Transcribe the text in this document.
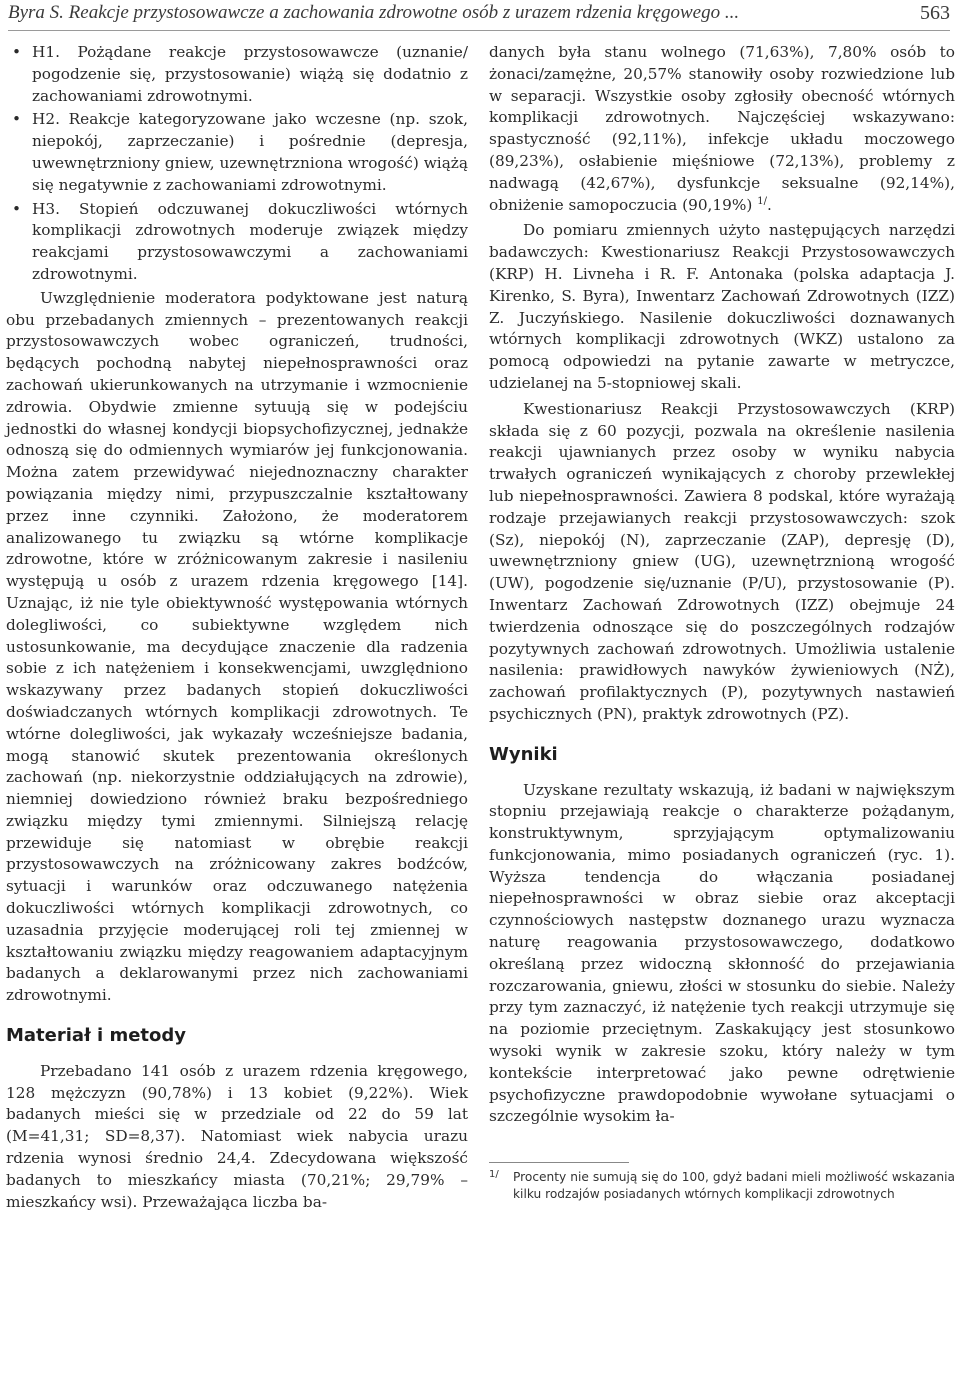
Byra S. Reakcje przystosowawcze a zachowania zdrowotne osób z urazem rdzenia kręgowego ...	563
• H1. Pożądane reakcje przystosowawcze (uznanie/ pogodzenie się, przystosowanie) wiążą się dodatnio z zachowaniami zdrowotnymi.
• H2. Reakcje kategoryzowane jako wczesne (np. szok, niepokój, zaprzeczanie) i pośrednie (depresja, uwewnętrzniony gniew, uzewnętrzniona wrogość) wiążą się negatywnie z zachowaniami zdrowotnymi.
• H3. Stopień odczuwanej dokuczliwości wtórnych komplikacji zdrowotnych moderuje związek między reakcjami przystosowawczymi a zachowaniami zdrowotnymi.

Uwzględnienie moderatora podyktowane jest naturą obu przebadanych zmiennych – prezentowanych reakcji przystosowawczych wobec ograniczeń, trudności, będących pochodną nabytej niepełnosprawności oraz zachowań ukierunkowanych na utrzymanie i wzmocnienie zdrowia. Obydwie zmienne sytuują się w podejściu jednostki do własnej kondycji biopsychofizycznej, jednakże odnoszą się do odmiennych wymiarów jej funkcjonowania. Można zatem przewidywać niejednoznaczny charakter powiązania między nimi, przypuszczalnie kształtowany przez inne czynniki. Założono, że moderatorem analizowanego tu związku są wtórne komplikacje zdrowotne, które w zróżnicowanym zakresie i nasileniu występują u osób z urazem rdzenia kręgowego [14]. Uznając, iż nie tyle obiektywność występowania wtórnych dolegliwości, co subiektywne względem nich ustosunkowanie, ma decydujące znaczenie dla radzenia sobie z ich natężeniem i konsekwencjami, uwzględniono wskazywany przez badanych stopień dokuczliwości doświadczanych wtórnych komplikacji zdrowotnych. Te wtórne dolegliwości, jak wykazały wcześniejsze badania, mogą stanowić skutek prezentowania określonych zachowań (np. niekorzystnie oddziałujących na zdrowie), niemniej dowiedziono również braku bezpośredniego związku między tymi zmiennymi. Silniejszą relację przewiduje się natomiast w obrębie reakcji przystosowawczych na zróżnicowany zakres bodźców, sytuacji i warunków oraz odczuwanego natężenia dokuczliwości wtórnych komplikacji zdrowotnych, co uzasadnia przyjęcie moderującej roli tej zmiennej w kształtowaniu związku między reagowaniem adaptacyjnym badanych a deklarowanymi przez nich zachowaniami zdrowotnymi.

Materiał i metody

Przebadano 141 osób z urazem rdzenia kręgowego, 128 mężczyzn (90,78%) i 13 kobiet (9,22%). Wiek badanych mieści się w przedziale od 22 do 59 lat (M=41,31; SD=8,37). Natomiast wiek nabycia urazu rdzenia wynosi średnio 24,4. Zdecydowana większość badanych to mieszkańcy miasta (70,21%; 29,79% – mieszkańcy wsi). Przeważająca liczba ba-

danych była stanu wolnego (71,63%), 7,80% osób to żonaci/zamężne, 20,57% stanowiły osoby rozwiedzione lub w separacji. Wszystkie osoby zgłosiły obecność wtórnych komplikacji zdrowotnych. Najczęściej wskazywano: spastyczność (92,11%), infekcje układu moczowego (89,23%), osłabienie mięśniowe (72,13%), problemy z nadwagą (42,67%), dysfunkcje seksualne (92,14%), obniżenie samopoczucia (90,19%) $^{1/}$.

Do pomiaru zmiennych użyto następujących narzędzi badawczych: Kwestionariusz Reakcji Przystosowawczych (KRP) H. Livneha i R. F. Antonaka (polska adaptacja J. Kirenko, S. Byra), Inwentarz Zachowań Zdrowotnych (IZZ) Z. Juczyńskiego. Nasilenie dokuczliwości doznawanych wtórnych komplikacji zdrowotnych (WKZ) ustalono za pomocą odpowiedzi na pytanie zawarte w metryczce, udzielanej na 5-stopniowej skali.

Kwestionariusz Reakcji Przystosowawczych (KRP) składa się z 60 pozycji, pozwala na określenie nasilenia reakcji ujawnianych przez osoby w wyniku nabycia trwałych ograniczeń wynikających z choroby przewlekłej lub niepełnosprawności. Zawiera 8 podskal, które wyrażają rodzaje przejawianych reakcji przystosowawczych: szok (Sz), niepokój (N), zaprzeczanie (ZAP), depresję (D), uwewnętrzniony gniew (UG), uzewnętrznioną wrogość (UW), pogodzenie się/uznanie (P/U), przystosowanie (P). Inwentarz Zachowań Zdrowotnych (IZZ) obejmuje 24 twierdzenia odnoszące się do poszczególnych rodzajów pozytywnych zachowań zdrowotnych. Umożliwia ustalenie nasilenia: prawidłowych nawyków żywieniowych (NŻ), zachowań profilaktycznych (P), pozytywnych nastawień psychicznych (PN), praktyk zdrowotnych (PZ).

Wyniki

Uzyskane rezultaty wskazują, iż badani w największym stopniu przejawiają reakcje o charakterze pożądanym, konstruktywnym, sprzyjającym optymalizowaniu funkcjonowania, mimo posiadanych ograniczeń (ryc. 1). Wyższa tendencja do włączania posiadanej niepełnosprawności w obraz siebie oraz akceptacji czynnościowych następstw doznanego urazu wyznacza naturę reagowania przystosowawczego, dodatkowo określaną przez widoczną skłonność do przejawiania rozczarowania, gniewu, złości w stosunku do siebie. Należy przy tym zaznaczyć, iż natężenie tych reakcji utrzymuje się na poziomie przeciętnym. Zaskakujący jest stosunkowo wysoki wynik w zakresie szoku, który należy w tym kontekście interpretować jako pewne odrętwienie psychofizyczne prawdopodobnie wywołane sytuacjami o szczególnie wysokim ła-

1/ Procenty nie sumują się do 100, gdyż badani mieli możliwość wskazania kilku rodzajów posiadanych wtórnych komplikacji zdrowotnych
